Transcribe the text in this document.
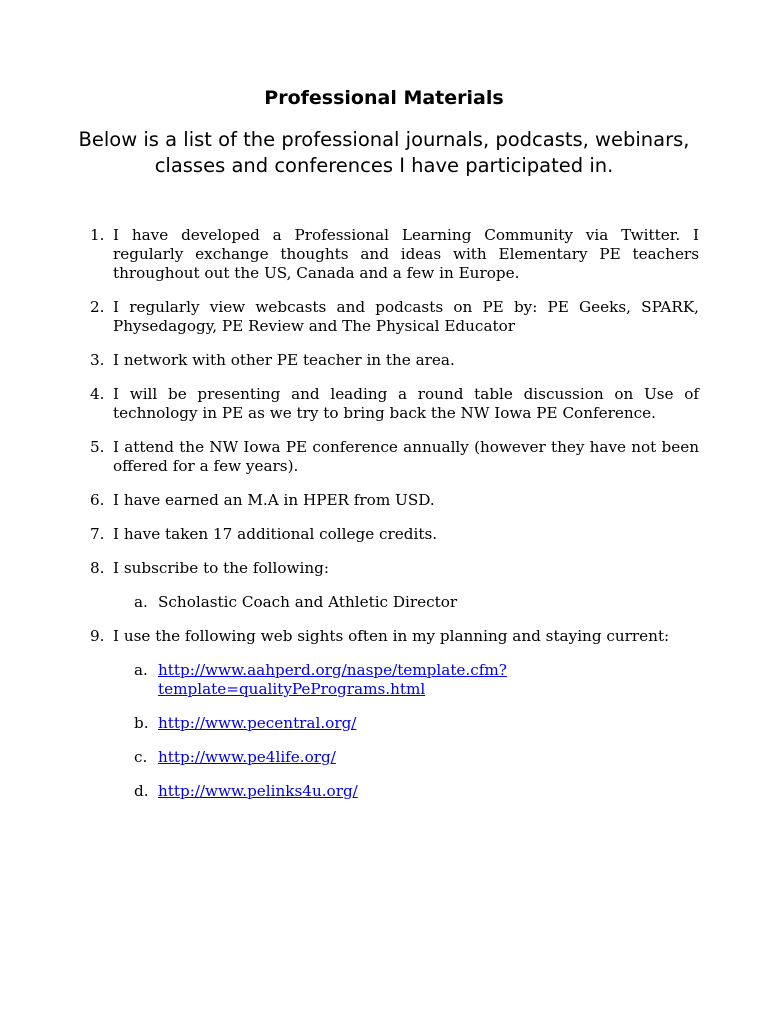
Professional Materials

Below is a list of the professional journals, podcasts, webinars, classes and conferences I have participated in.

1. I have developed a Professional Learning Community via Twitter. I regularly exchange thoughts and ideas with Elementary PE teachers throughout out the US, Canada and a few in Europe.
2. I regularly view webcasts and podcasts on PE by: PE Geeks, SPARK, Physedagogy, PE Review and The Physical Educator
3. I network with other PE teacher in the area.
4. I will be presenting and leading a round table discussion on Use of technology in PE as we try to bring back the NW Iowa PE Conference.
5. I attend the NW Iowa PE conference annually (however they have not been offered for a few years).
6. I have earned an M.A in HPER from USD.
7. I have taken 17 additional college credits.
8. I subscribe to the following:
a. Scholastic Coach and Athletic Director
9. I use the following web sights often in my planning and staying current:
a. http://www.aahperd.org/naspe/template.cfm?
template=qualityPePrograms.html
b. http://www.pecentral.org/
c. http://www.pe4life.org/
d. http://www.pelinks4u.org/
